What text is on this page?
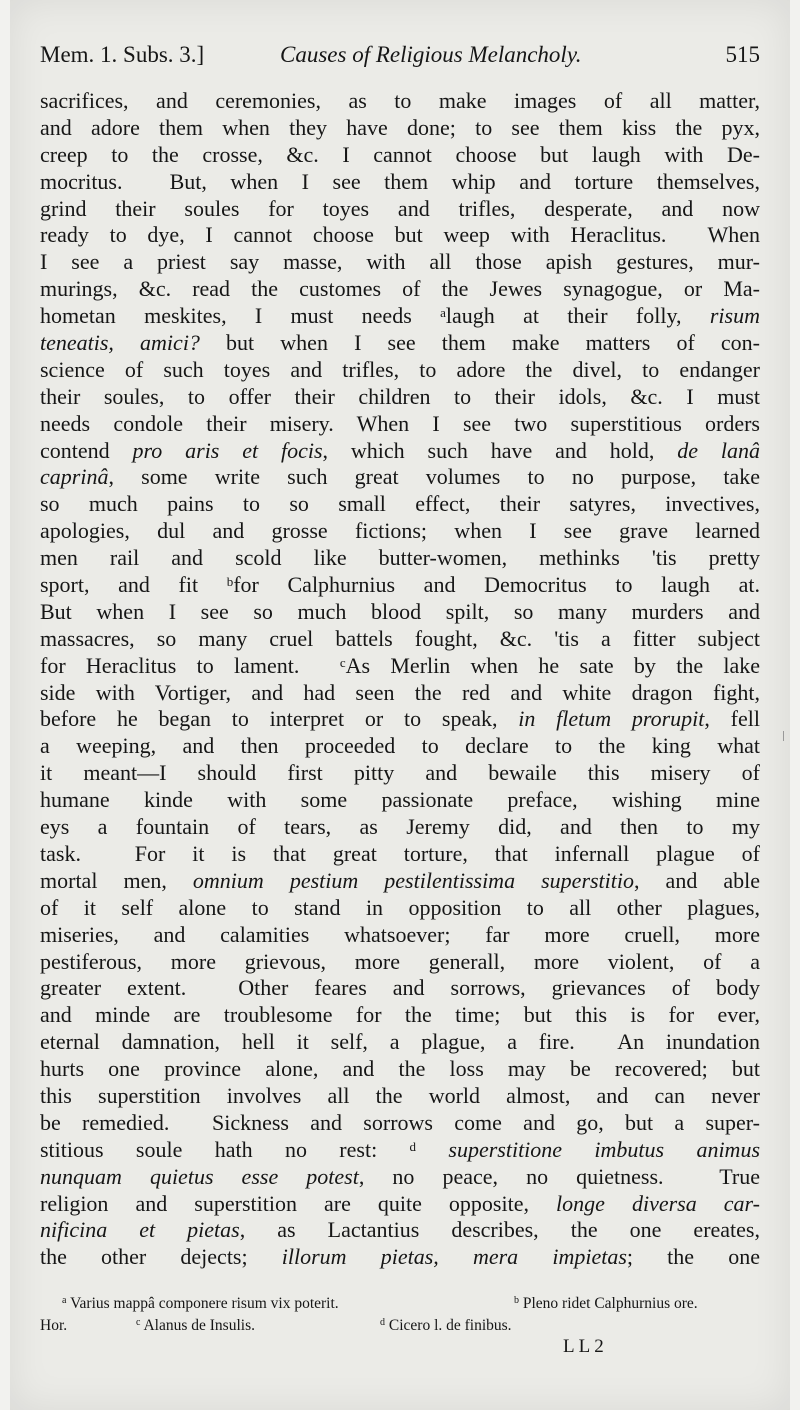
Mem. 1. Subs. 3.]	Causes of Religious Melancholy.	515
sacrifices, and ceremonies, as to make images of all matter,
and adore them when they have done; to see them kiss the pyx,
creep to the crosse, &c. I cannot choose but laugh with De-
mocritus.  But, when I see them whip and torture themselves,
grind their soules for toyes and trifles, desperate, and now
ready to dye, I cannot choose but weep with Heraclitus.  When
I see a priest say masse, with all those apish gestures, mur-
murings, &c. read the customes of the Jewes synagogue, or Ma-
hometan meskites, I must needs $^a$laugh at their folly, risum
teneatis, amici? but when I see them make matters of con-
science of such toyes and trifles, to adore the divel, to endanger
their soules, to offer their children to their idols, &c. I must
needs condole their misery. When I see two superstitious orders
contend pro aris et focis, which such have and hold, de lanâ
caprinâ, some write such great volumes to no purpose, take
so much pains to so small effect, their satyres, invectives,
apologies, dul and grosse fictions; when I see grave learned
men rail and scold like butter-women, methinks 'tis pretty
sport, and fit $^b$for Calphurnius and Democritus to laugh at.
But when I see so much blood spilt, so many murders and
massacres, so many cruel battels fought, &c. 'tis a fitter subject
for Heraclitus to lament.  $^c$As Merlin when he sate by the lake
side with Vortiger, and had seen the red and white dragon fight,
before he began to interpret or to speak, in fletum prorupit, fell
a weeping, and then proceeded to declare to the king what
it meant—I should first pitty and bewaile this misery of
humane kinde with some passionate preface, wishing mine
eys a fountain of tears, as Jeremy did, and then to my
task.  For it is that great torture, that infernall plague of
mortal men, omnium pestium pestilentissima superstitio, and able
of it self alone to stand in opposition to all other plagues,
miseries, and calamities whatsoever; far more cruell, more
pestiferous, more grievous, more generall, more violent, of a
greater extent.  Other feares and sorrows, grievances of body
and minde are troublesome for the time; but this is for ever,
eternal damnation, hell it self, a plague, a fire.  An inundation
hurts one province alone, and the loss may be recovered; but
this superstition involves all the world almost, and can never
be remedied.  Sickness and sorrows come and go, but a super-
stitious soule hath no rest: $^d$ superstitione imbutus animus
nunquam quietus esse potest, no peace, no quietness.  True
religion and superstition are quite opposite, longe diversa car-
nificina et pietas, as Lactantius describes, the one ereates,
the other dejects; illorum pietas, mera impietas; the one
$^a$ Varius mappâ componere risum vix poterit.	$^b$ Pleno ridet Calphurnius ore.
Hor.	$^c$ Alanus de Insulis.	$^d$ Cicero l. de finibus.
LL2
